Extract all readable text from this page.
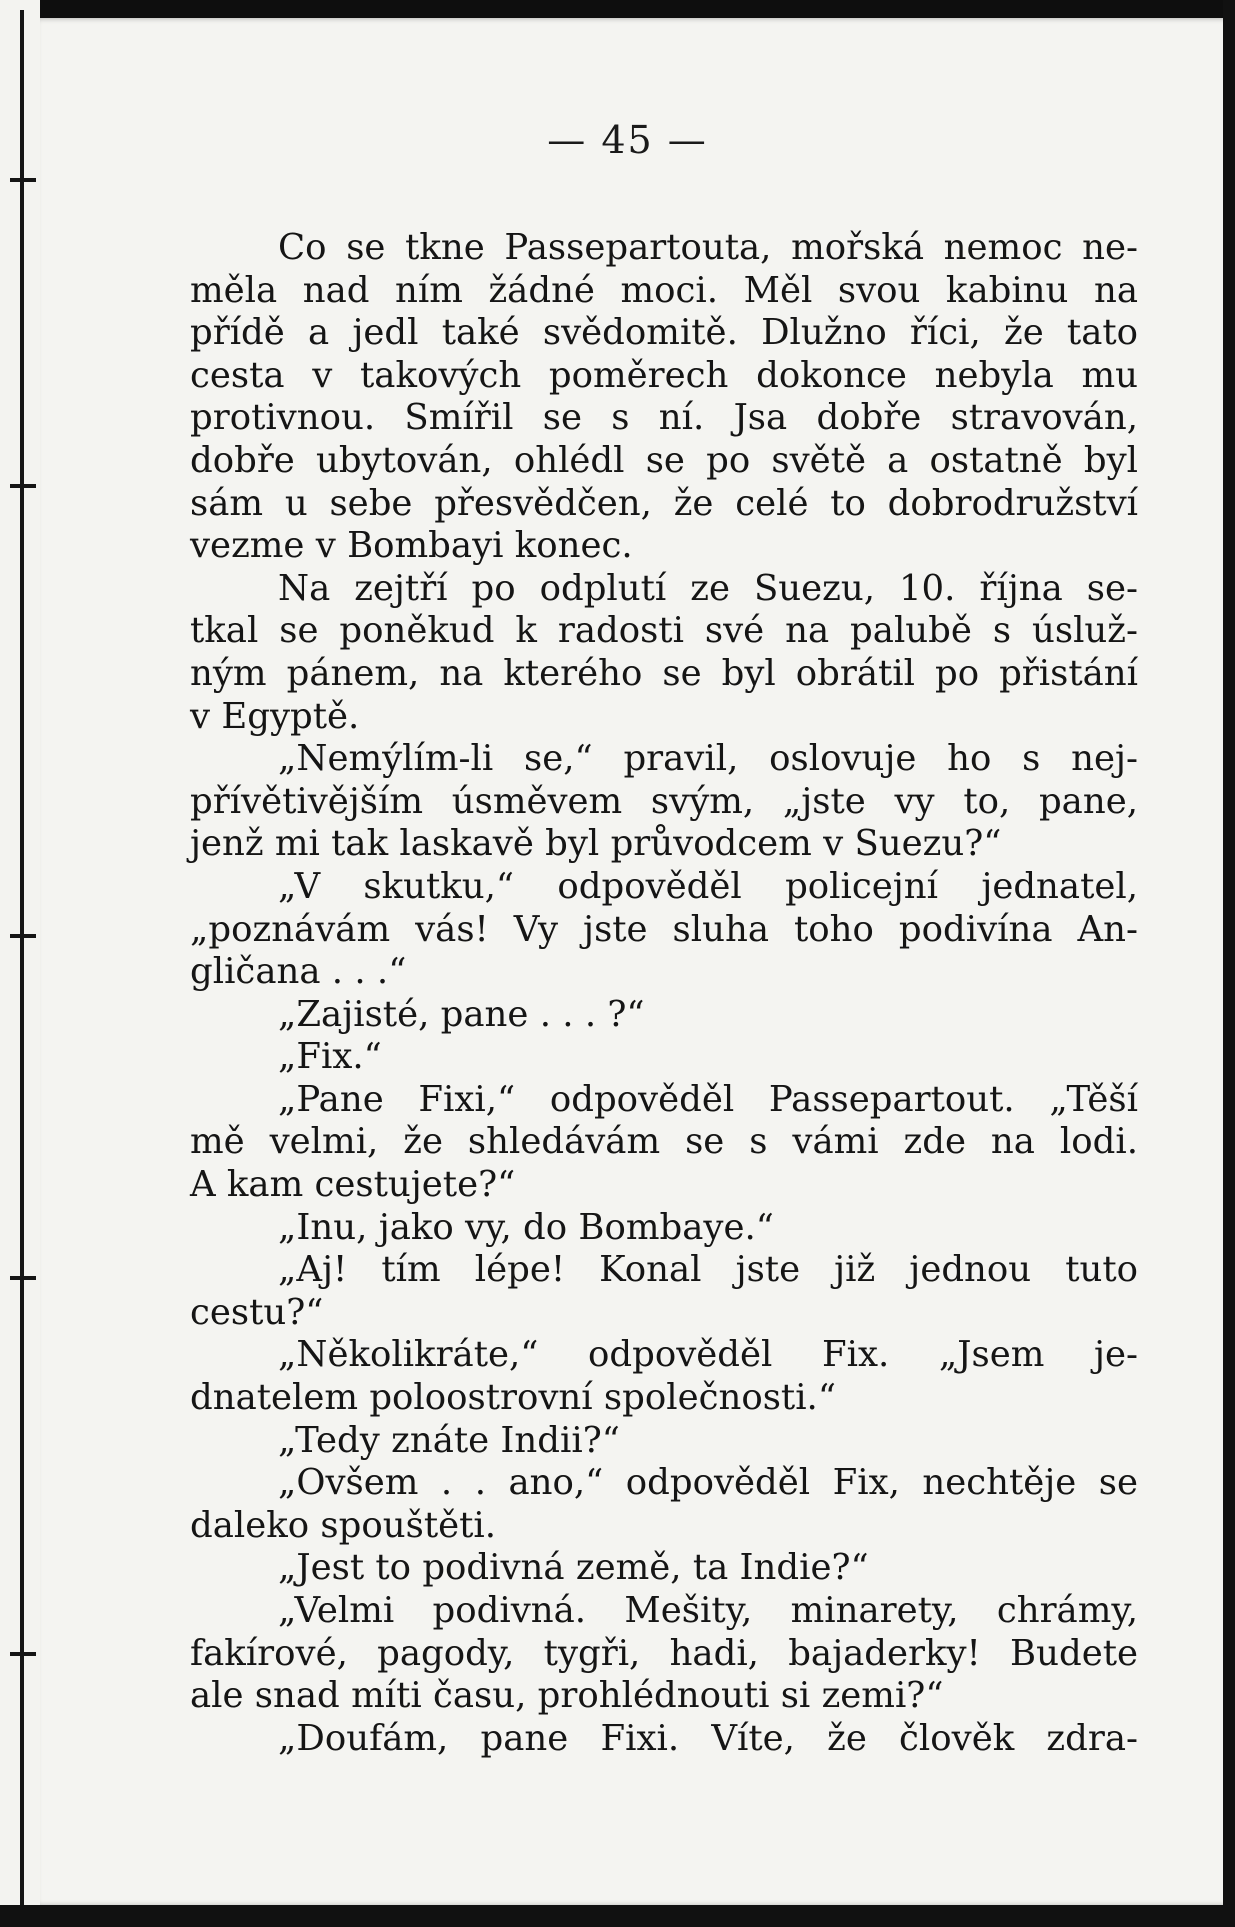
— 45 —
Co se tkne Passepartouta, mořská nemoc ne-
měla nad ním žádné moci. Měl svou kabinu na
přídě a jedl také svědomitě. Dlužno říci, že tato
cesta v takových poměrech dokonce nebyla mu
protivnou. Smířil se s ní. Jsa dobře stravován,
dobře ubytován, ohlédl se po světě a ostatně byl
sám u sebe přesvědčen, že celé to dobrodružství
vezme v Bombayi konec.
Na zejtří po odplutí ze Suezu, 10. října se-
tkal se poněkud k radosti své na palubě s úsluž-
ným pánem, na kterého se byl obrátil po přistání
v Egyptě.
„Nemýlím-li se,“ pravil, oslovuje ho s nej-
přívětivějším úsměvem svým, „jste vy to, pane,
jenž mi tak laskavě byl průvodcem v Suezu?“
„V skutku,“ odpověděl policejní jednatel,
„poznávám vás! Vy jste sluha toho podivína An-
gličana . . .“
„Zajisté, pane . . . ?“
„Fix.“
„Pane Fixi,“ odpověděl Passepartout. „Těší
mě velmi, že shledávám se s vámi zde na lodi.
A kam cestujete?“
„Inu, jako vy, do Bombaye.“
„Aj! tím lépe! Konal jste již jednou tuto
cestu?“
„Několikráte,“ odpověděl Fix. „Jsem je-
dnatelem poloostrovní společnosti.“
„Tedy znáte Indii?“
„Ovšem . . ano,“ odpověděl Fix, nechtěje se
daleko spouštěti.
„Jest to podivná země, ta Indie?“
„Velmi podivná. Mešity, minarety, chrámy,
fakírové, pagody, tygři, hadi, bajaderky! Budete
ale snad míti času, prohlédnouti si zemi?“
„Doufám, pane Fixi. Víte, že člověk zdra-
